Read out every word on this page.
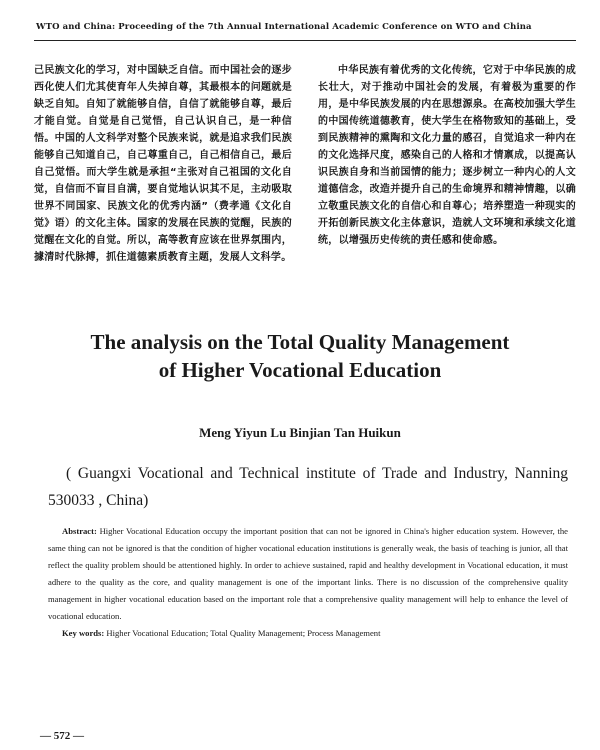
WTO and China: Proceeding of the 7th Annual International Academic Conference on WTO and China

己民族文化的学习，对中国缺乏自信。而中国社会的逐步西化使人们尤其使育年人失掉自尊，其最根本的问题就是缺乏自知。自知了就能够自信，自信了就能够自尊，最后才能自觉。自觉是自己觉悟，自己认识自己，是一种信悟。中国的人文科学对整个民族来说，就是追求我们民族能够自己知道自己，自己尊重自己，自己相信自己，最后自己觉悟。而大学生就是承担“主张对自己祖国的文化自觉，自信而不盲目自满，要自觉地认识其不足，主动吸取世界不同国家、民族文化的优秀内涵”（费孝通《文化自觉》语）的文化主体。国家的发展在民族的觉醒，民族的觉醒在文化的自觉。所以，高等教育应该在世界氛围内，據清时代脉搏，抓住道德素质教育主题，发展人文科学。

中华民族有着优秀的文化传统，它对于中华民族的成长壮大，对于推动中国社会的发展，有着极为重要的作用，是中华民族发展的内在思想源泉。在高校加强大学生的中国传统道德教育，使大学生在格物致知的基础上，受到民族精神的熏陶和文化力量的感召，自觉追求一种内在的文化选择尺度，感染自己的人格和才情禀成，以提高认识民族自身和当前国情的能力；逐步树立一种内心的人文道德信念，改造并提升自己的生命境界和精神情趣，以确立敬重民族文化的自信心和自尊心；培养塑造一种现实的开拓创新民族文化主体意识，造就人文环境和承续文化道统，以增强历史传统的责任感和使命感。

The analysis on the Total Quality Management
of Higher Vocational Education
Meng Yiyun Lu Binjian Tan Huikun
( Guangxi Vocational and Technical institute of Trade and Industry, Nanning 530033 , China)
Abstract: Higher Vocational Education occupy the important position that can not be ignored in China's higher education system. However, the same thing can not be ignored is that the condition of higher vocational education institutions is generally weak, the basis of teaching is junior, all that reflect the quality problem should be attentioned highly. In order to achieve sustained, rapid and healthy development in Vocational education, it must adhere to the quality as the core, and quality management is one of the important links. There is no discussion of the comprehensive quality management in higher vocational education based on the important role that a comprehensive quality management will help to enhance the level of vocational education.
Key words: Higher Vocational Education; Total Quality Management; Process Management
— 572 —
